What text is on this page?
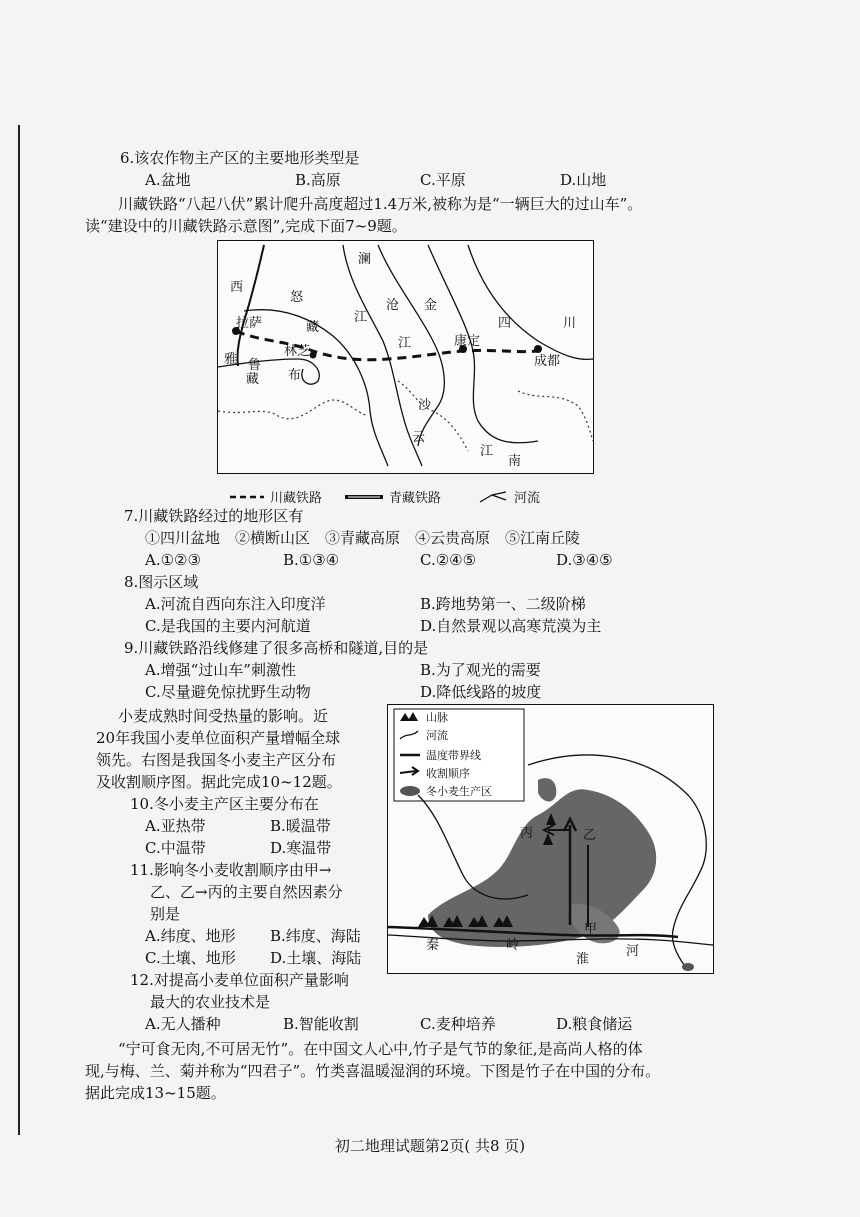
6.该农作物主产区的主要地形类型是
A.盆地	B.高原	C.平原	D.山地
川藏铁路“八起八伏”累计爬升高度超过1.4万米,被称为是“一辆巨大的过山车”。
读“建设中的川藏铁路示意图”,完成下面7~9题。
西
怒
澜
沧 金
四	川
拉萨	藏
江
江	康定
成都
雅 鲁
藏
林芝
布
沙
云
江
南
川藏铁路	青藏铁路	河流
7.川藏铁路经过的地形区有
①四川盆地　②横断山区　③青藏高原　④云贵高原　⑤江南丘陵
A.①②③	B.①③④	C.②④⑤	D.③④⑤
8.图示区域
A.河流自西向东注入印度洋	B.跨地势第一、二级阶梯
C.是我国的主要内河航道	D.自然景观以高寒荒漠为主
9.川藏铁路沿线修建了很多高桥和隧道,目的是
A.增强“过山车”刺激性	B.为了观光的需要
C.尽量避免惊扰野生动物	D.降低线路的坡度
小麦成熟时间受热量的影响。近
20年我国小麦单位面积产量增幅全球
领先。右图是我国冬小麦主产区分布
及收割顺序图。据此完成10~12题。
10.冬小麦主产区主要分布在
A.亚热带	B.暖温带
C.中温带	D.寒温带
11.影响冬小麦收割顺序由甲→
乙、乙→丙的主要自然因素分
别是
A.纬度、地形 B.纬度、海陆
C.土壤、地形 D.土壤、海陆
12.对提高小麦单位面积产量影响
最大的农业技术是
A.无人播种	B.智能收割	C.麦种培养	D.粮食储运
山脉
河流
温度带界线
收割顺序
冬小麦生产区
丙	乙
甲
秦	岭
淮
河
“宁可食无肉,不可居无竹”。在中国文人心中,竹子是气节的象征,是高尚人格的体
现,与梅、兰、菊并称为“四君子”。竹类喜温暖湿润的环境。下图是竹子在中国的分布。
据此完成13~15题。
初二地理试题第2页( 共8 页)
